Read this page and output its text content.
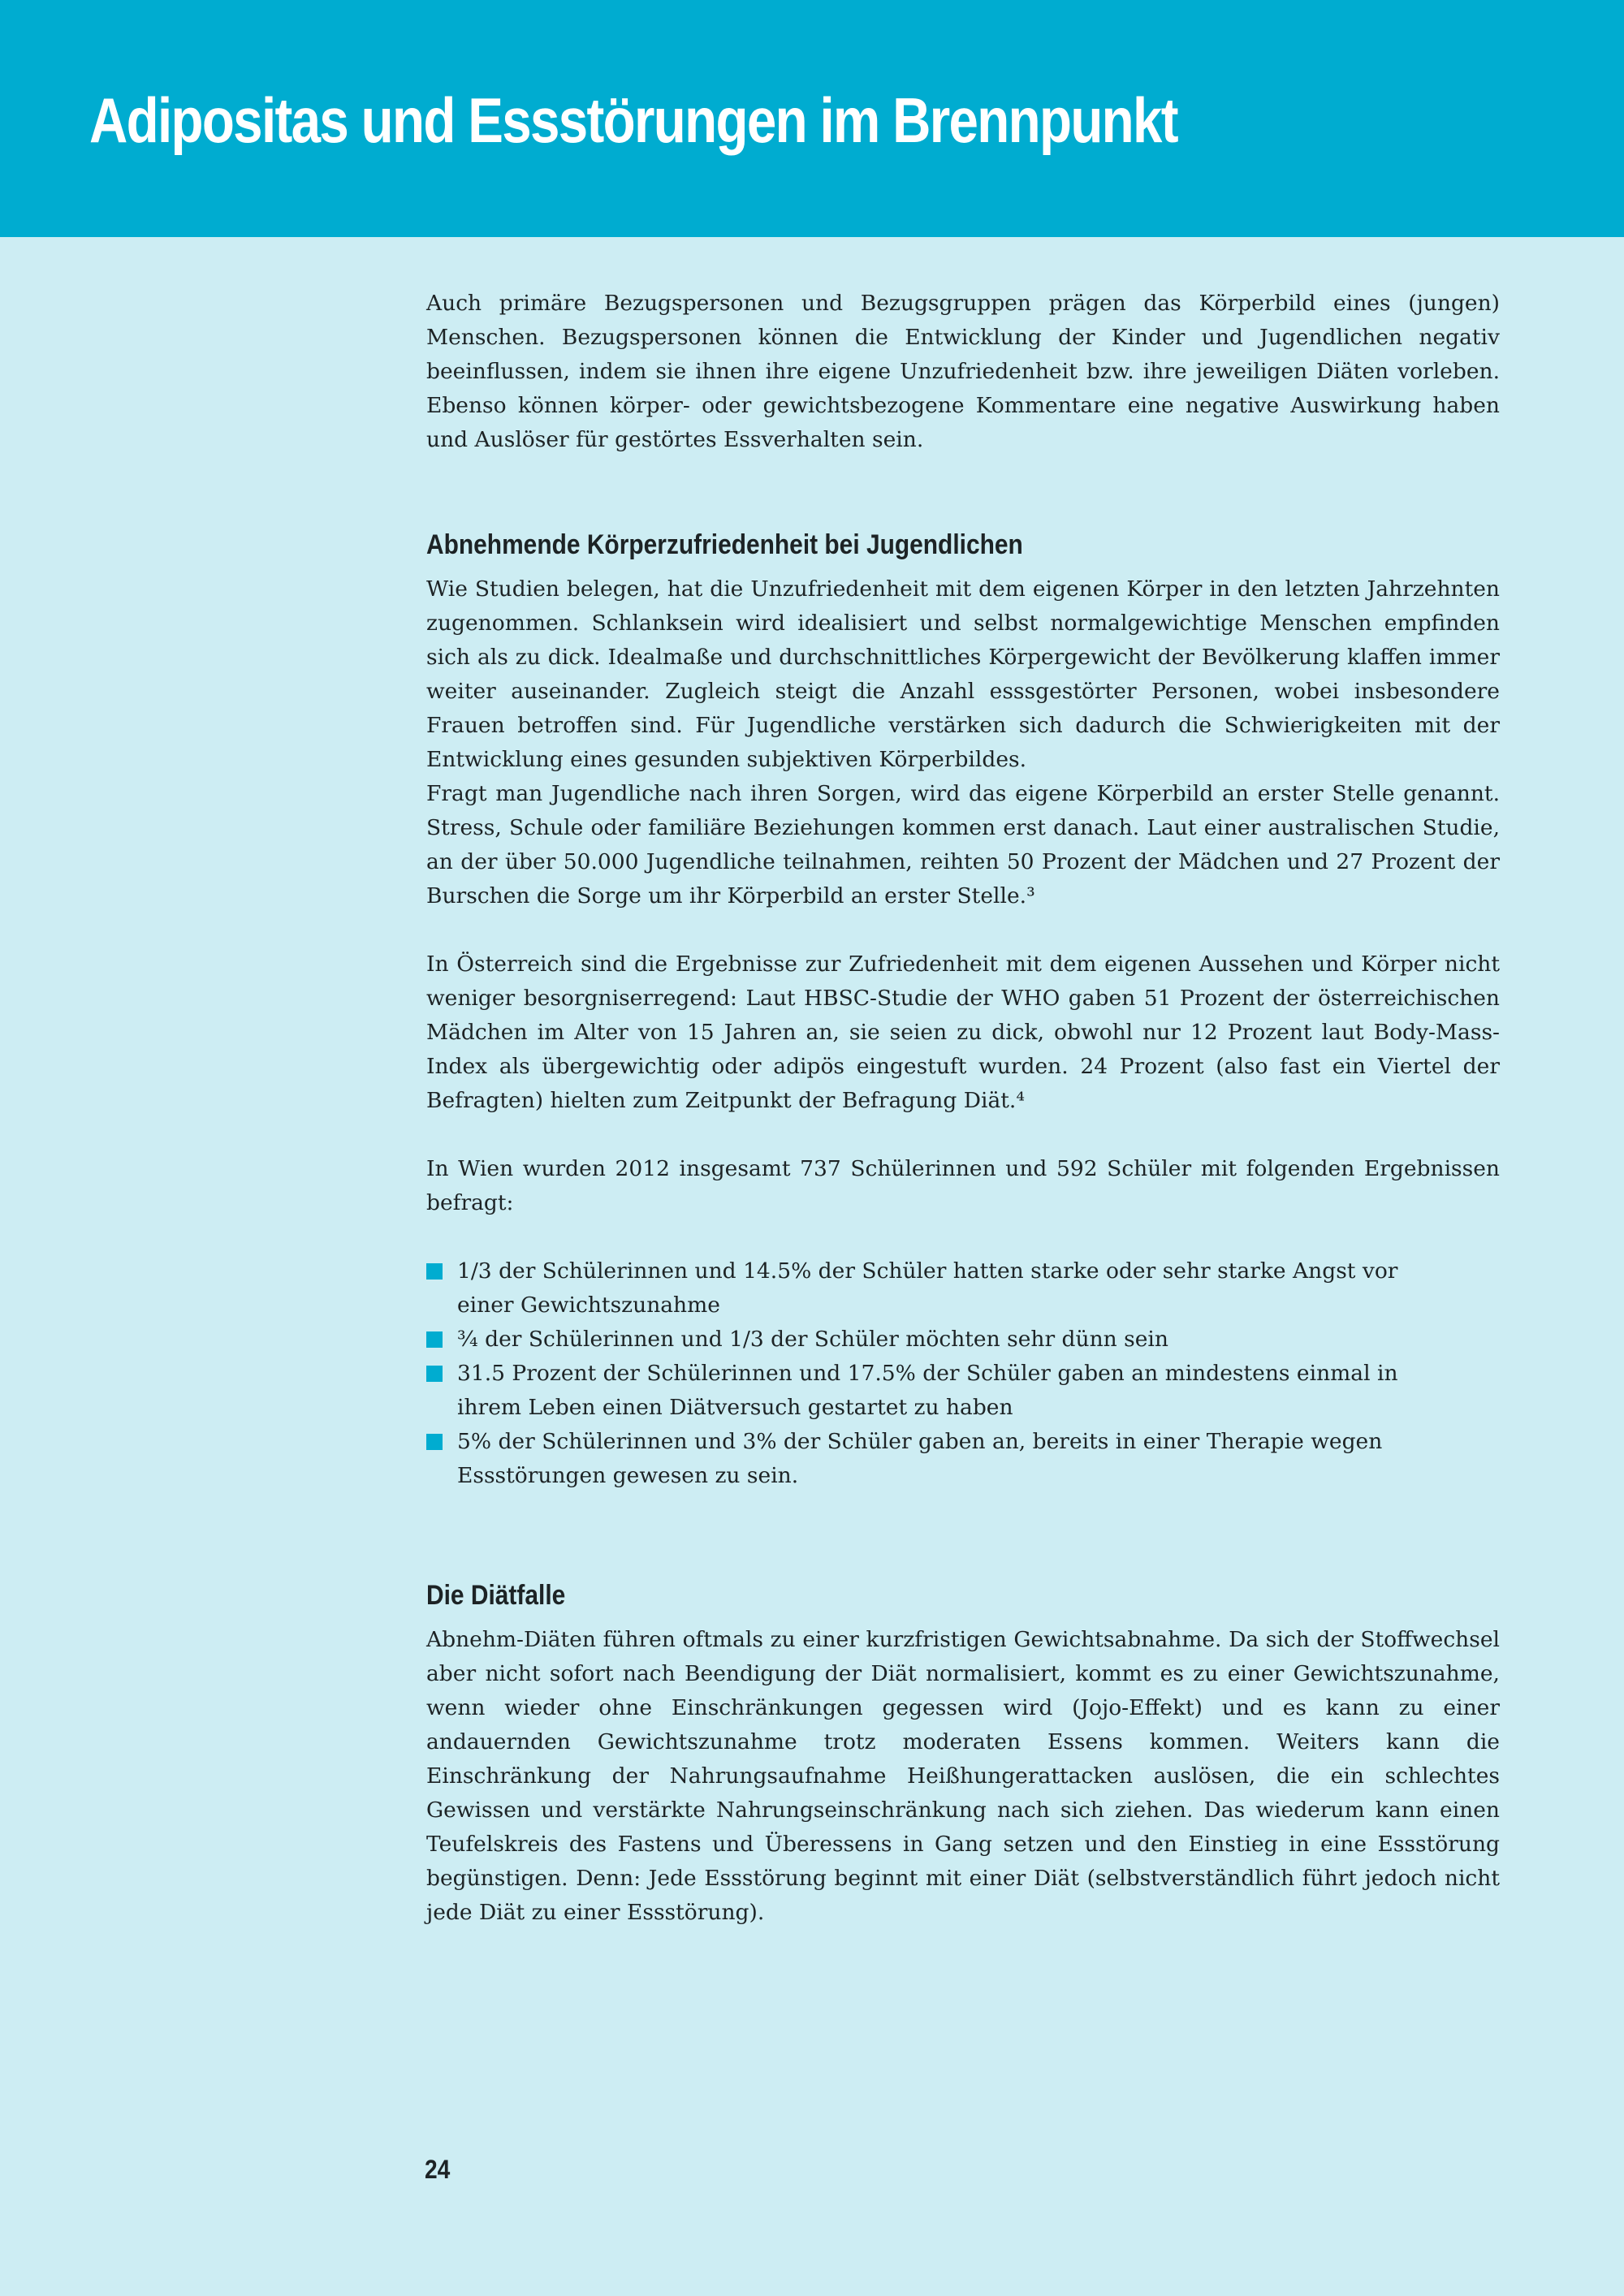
Adipositas und Essstörungen im Brennpunkt

Auch primäre Bezugspersonen und Bezugsgruppen prägen das Körperbild eines (jungen) Menschen. Bezugspersonen können die Entwicklung der Kinder und Jugendlichen negativ beeinflussen, indem sie ihnen ihre eigene Unzufriedenheit bzw. ihre jeweiligen Diäten vorleben. Ebenso können körper- oder gewichtsbezogene Kommentare eine negative Auswirkung haben und Auslöser für gestörtes Essverhalten sein.

Abnehmende Körperzufriedenheit bei Jugendlichen

Wie Studien belegen, hat die Unzufriedenheit mit dem eigenen Körper in den letzten Jahrzehnten zugenommen. Schlanksein wird idealisiert und selbst normalgewichtige Menschen empfinden sich als zu dick. Idealmaße und durchschnittliches Körpergewicht der Bevölkerung klaffen immer weiter auseinander. Zugleich steigt die Anzahl esssgestörter Personen, wobei insbesondere Frauen betroffen sind. Für Jugendliche verstärken sich dadurch die Schwierigkeiten mit der Entwicklung eines gesunden subjektiven Körperbildes.

Fragt man Jugendliche nach ihren Sorgen, wird das eigene Körperbild an erster Stelle genannt. Stress, Schule oder familiäre Beziehungen kommen erst danach. Laut einer australischen Studie, an der über 50.000 Jugendliche teilnahmen, reihten 50 Prozent der Mädchen und 27 Prozent der Burschen die Sorge um ihr Körperbild an erster Stelle.³

In Österreich sind die Ergebnisse zur Zufriedenheit mit dem eigenen Aussehen und Körper nicht weniger besorgniserregend: Laut HBSC-Studie der WHO gaben 51 Prozent der österreichischen Mädchen im Alter von 15 Jahren an, sie seien zu dick, obwohl nur 12 Prozent laut Body-Mass-Index als übergewichtig oder adipös eingestuft wurden. 24 Prozent (also fast ein Viertel der Befragten) hielten zum Zeitpunkt der Befragung Diät.⁴

In Wien wurden 2012 insgesamt 737 Schülerinnen und 592 Schüler mit folgenden Ergebnissen befragt:

1/3 der Schülerinnen und 14.5% der Schüler hatten starke oder sehr starke Angst vor einer Gewichtszunahme
¾ der Schülerinnen und 1/3 der Schüler möchten sehr dünn sein
31.5 Prozent der Schülerinnen und 17.5% der Schüler gaben an mindestens einmal in ihrem Leben einen Diätversuch gestartet zu haben
5% der Schülerinnen und 3% der Schüler gaben an, bereits in einer Therapie wegen Essstörungen gewesen zu sein.
Die Diätfalle

Abnehm-Diäten führen oftmals zu einer kurzfristigen Gewichtsabnahme. Da sich der Stoffwechsel aber nicht sofort nach Beendigung der Diät normalisiert, kommt es zu einer Gewichtszunahme, wenn wieder ohne Einschränkungen gegessen wird (Jojo-Effekt) und es kann zu einer andauernden Gewichtszunahme trotz moderaten Essens kommen. Weiters kann die Einschränkung der Nahrungsaufnahme Heißhungerattacken auslösen, die ein schlechtes Gewissen und verstärkte Nahrungseinschränkung nach sich ziehen. Das wiederum kann einen Teufelskreis des Fastens und Überessens in Gang setzen und den Einstieg in eine Essstörung begünstigen. Denn: Jede Essstörung beginnt mit einer Diät (selbstverständlich führt jedoch nicht jede Diät zu einer Essstörung).

24
